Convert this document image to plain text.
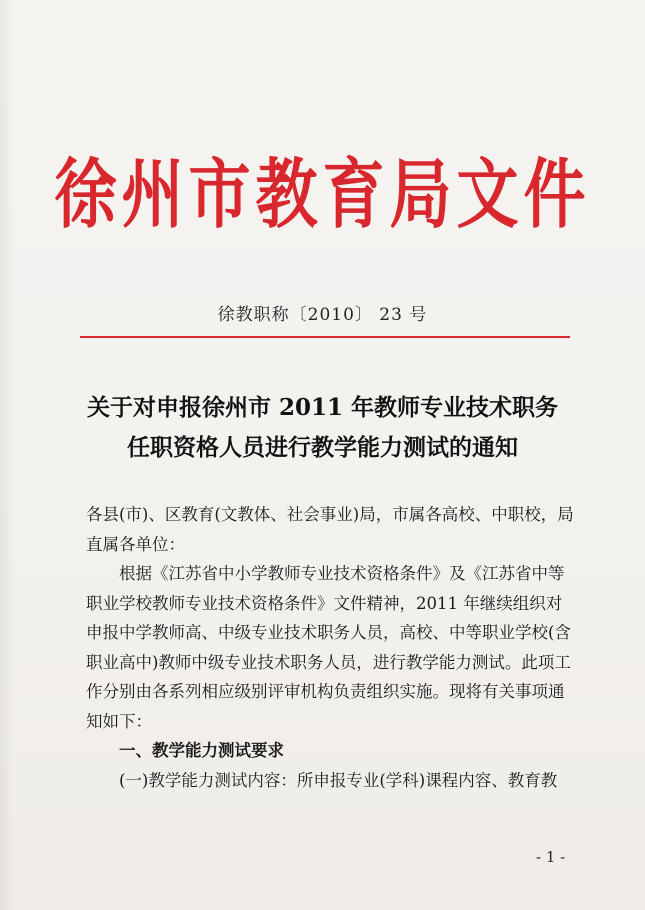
徐州市教育局文件
徐教职称〔2010〕 23 号
关于对申报徐州市 2011 年教师专业技术职务
任职资格人员进行教学能力测试的通知

各县(市)、区教育(文教体、社会事业)局，市属各高校、中职校，局直属各单位：

根据《江苏省中小学教师专业技术资格条件》及《江苏省中等职业学校教师专业技术资格条件》文件精神，2011 年继续组织对申报中学教师高、中级专业技术职务人员，高校、中等职业学校(含职业高中)教师中级专业技术职务人员，进行教学能力测试。此项工作分别由各系列相应级别评审机构负责组织实施。现将有关事项通知如下：

一、教学能力测试要求

(一)教学能力测试内容：所申报专业(学科)课程内容、教育教

- 1 -
